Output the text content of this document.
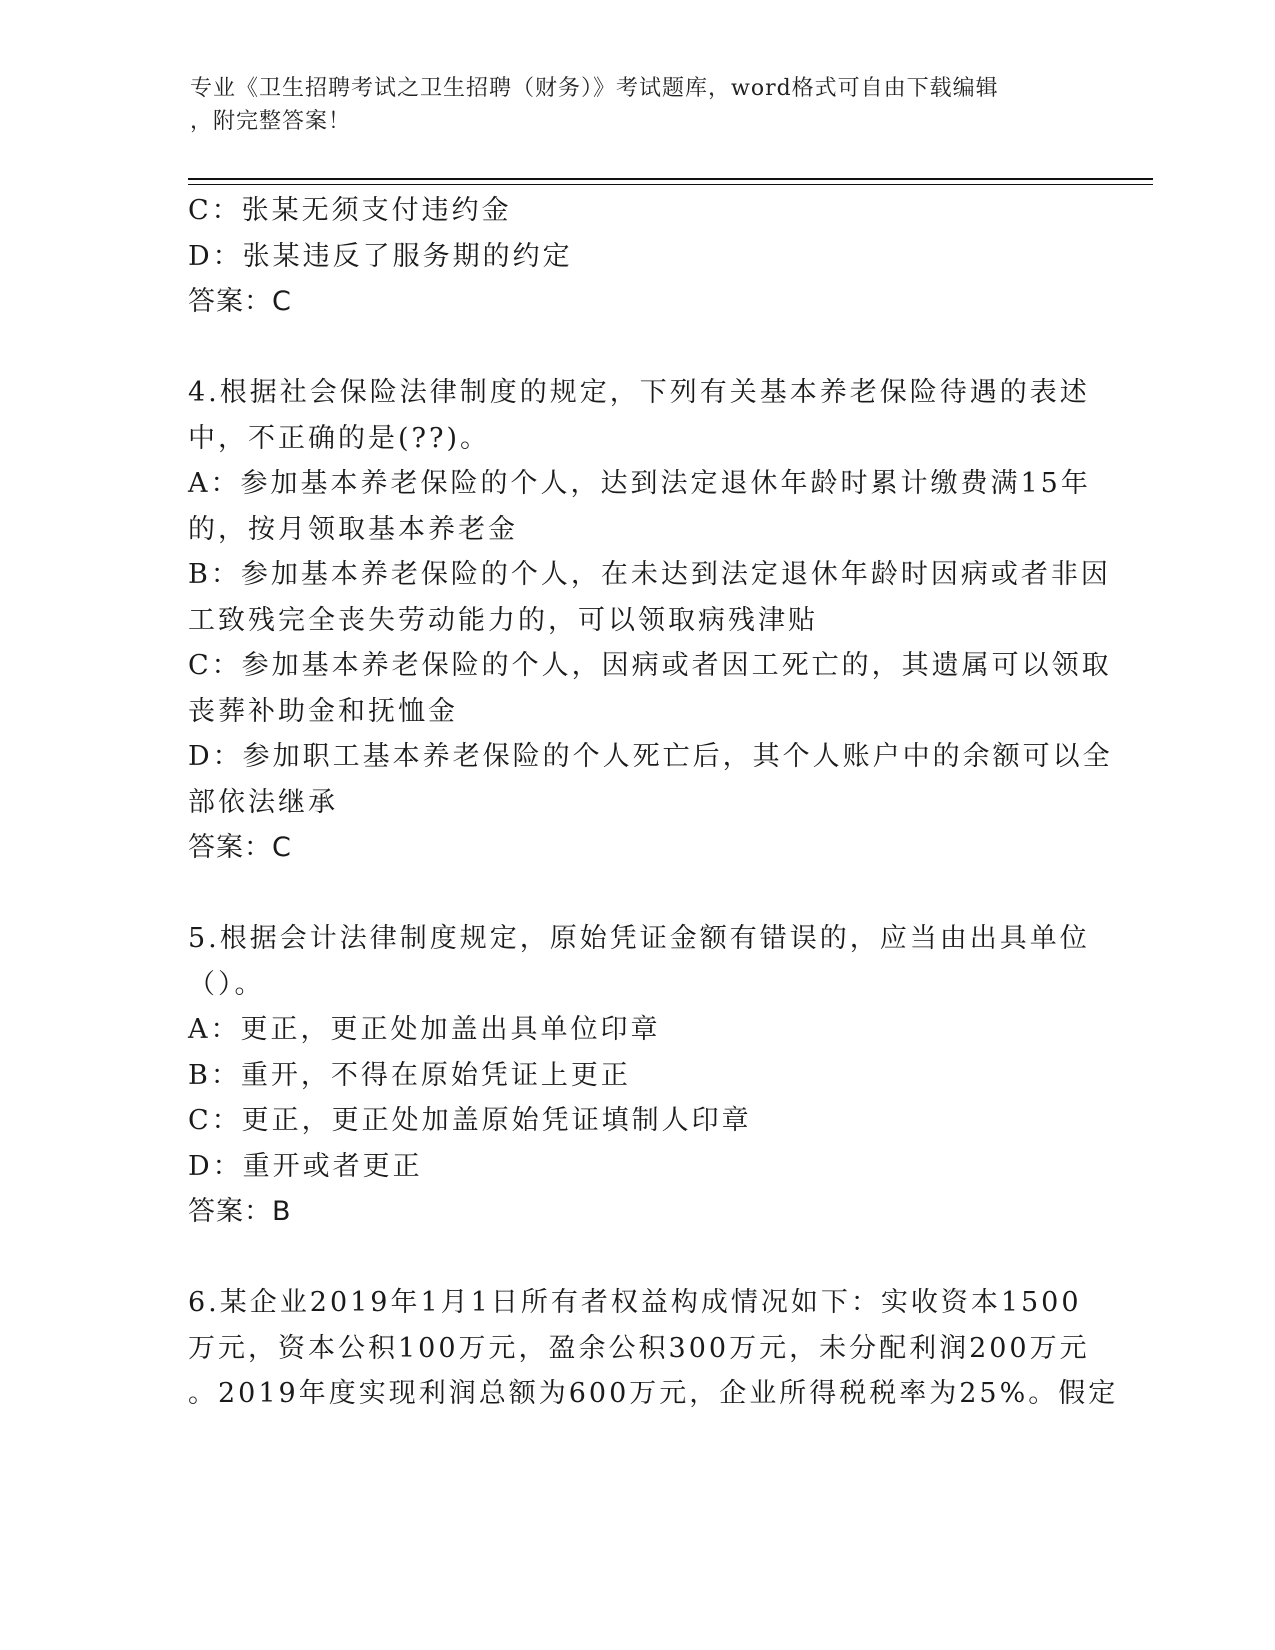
专业《卫生招聘考试之卫生招聘（财务）》考试题库，word格式可自由下载编辑
，附完整答案！
C：张某无须支付违约金
D：张某违反了服务期的约定
答案：C
4.根据社会保险法律制度的规定，下列有关基本养老保险待遇的表述
中，不正确的是(??)。
A：参加基本养老保险的个人，达到法定退休年龄时累计缴费满15年
的，按月领取基本养老金
B：参加基本养老保险的个人，在未达到法定退休年龄时因病或者非因
工致残完全丧失劳动能力的，可以领取病残津贴
C：参加基本养老保险的个人，因病或者因工死亡的，其遗属可以领取
丧葬补助金和抚恤金
D：参加职工基本养老保险的个人死亡后，其个人账户中的余额可以全
部依法继承
答案：C
5.根据会计法律制度规定，原始凭证金额有错误的，应当由出具单位
（）。
A：更正，更正处加盖出具单位印章
B：重开，不得在原始凭证上更正
C：更正，更正处加盖原始凭证填制人印章
D：重开或者更正
答案：B
6.某企业2019年1月1日所有者权益构成情况如下：实收资本1500
万元，资本公积100万元，盈余公积300万元，未分配利润200万元
。2019年度实现利润总额为600万元，企业所得税税率为25%。假定
